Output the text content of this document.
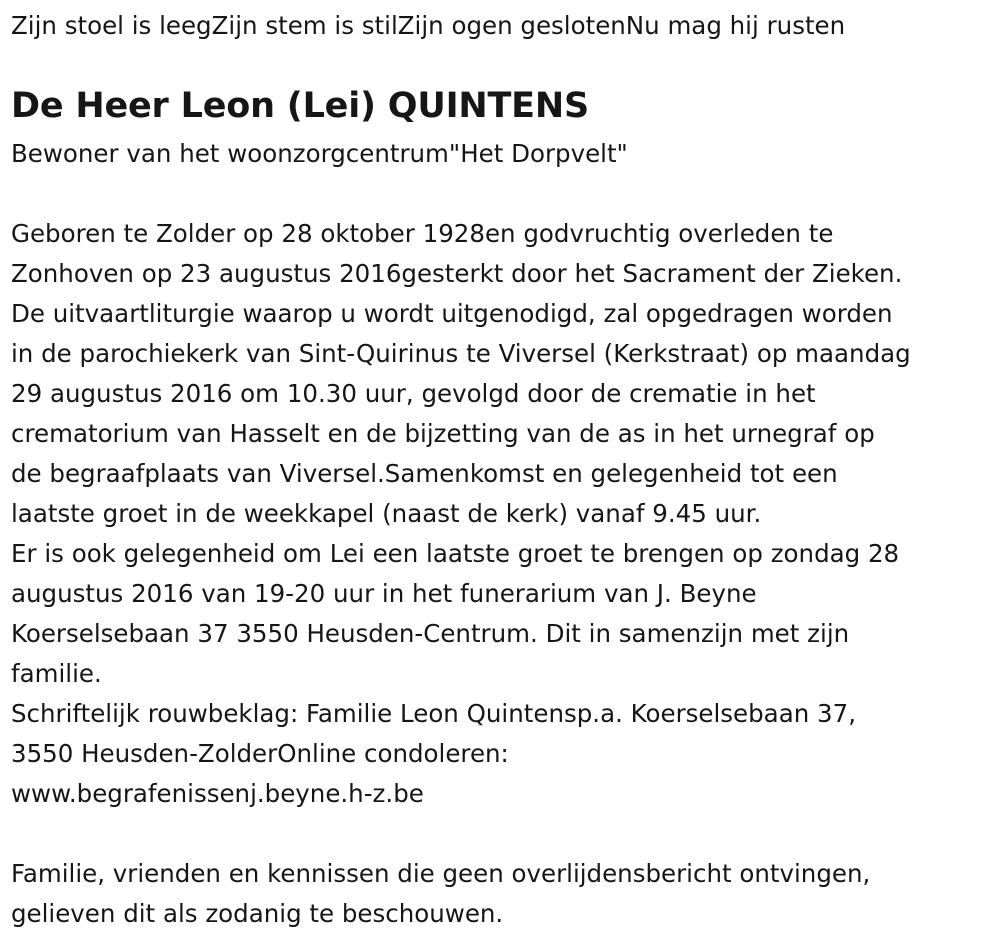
Zijn stoel is leegZijn stem is stilZijn ogen geslotenNu mag hij rusten

De Heer Leon (Lei) QUINTENS

Bewoner van het woonzorgcentrum"Het Dorpvelt"

Geboren te Zolder op 28 oktober 1928en godvruchtig overleden te

Zonhoven op 23 augustus 2016gesterkt door het Sacrament der Zieken.

De uitvaartliturgie waarop u wordt uitgenodigd, zal opgedragen worden

in de parochiekerk van Sint-Quirinus te Viversel (Kerkstraat) op maandag

29 augustus 2016 om 10.30 uur, gevolgd door de crematie in het

crematorium van Hasselt en de bijzetting van de as in het urnegraf op

de begraafplaats van Viversel.Samenkomst en gelegenheid tot een

laatste groet in de weekkapel (naast de kerk) vanaf 9.45 uur.

Er is ook gelegenheid om Lei een laatste groet te brengen op zondag 28

augustus 2016 van 19-20 uur in het funerarium van J. Beyne

Koerselsebaan 37 3550 Heusden-Centrum. Dit in samenzijn met zijn

familie.

Schriftelijk rouwbeklag: Familie Leon Quintensp.a. Koerselsebaan 37,

3550 Heusden-ZolderOnline condoleren:

www.begrafenissenj.beyne.h-z.be

Familie, vrienden en kennissen die geen overlijdensbericht ontvingen,

gelieven dit als zodanig te beschouwen.
